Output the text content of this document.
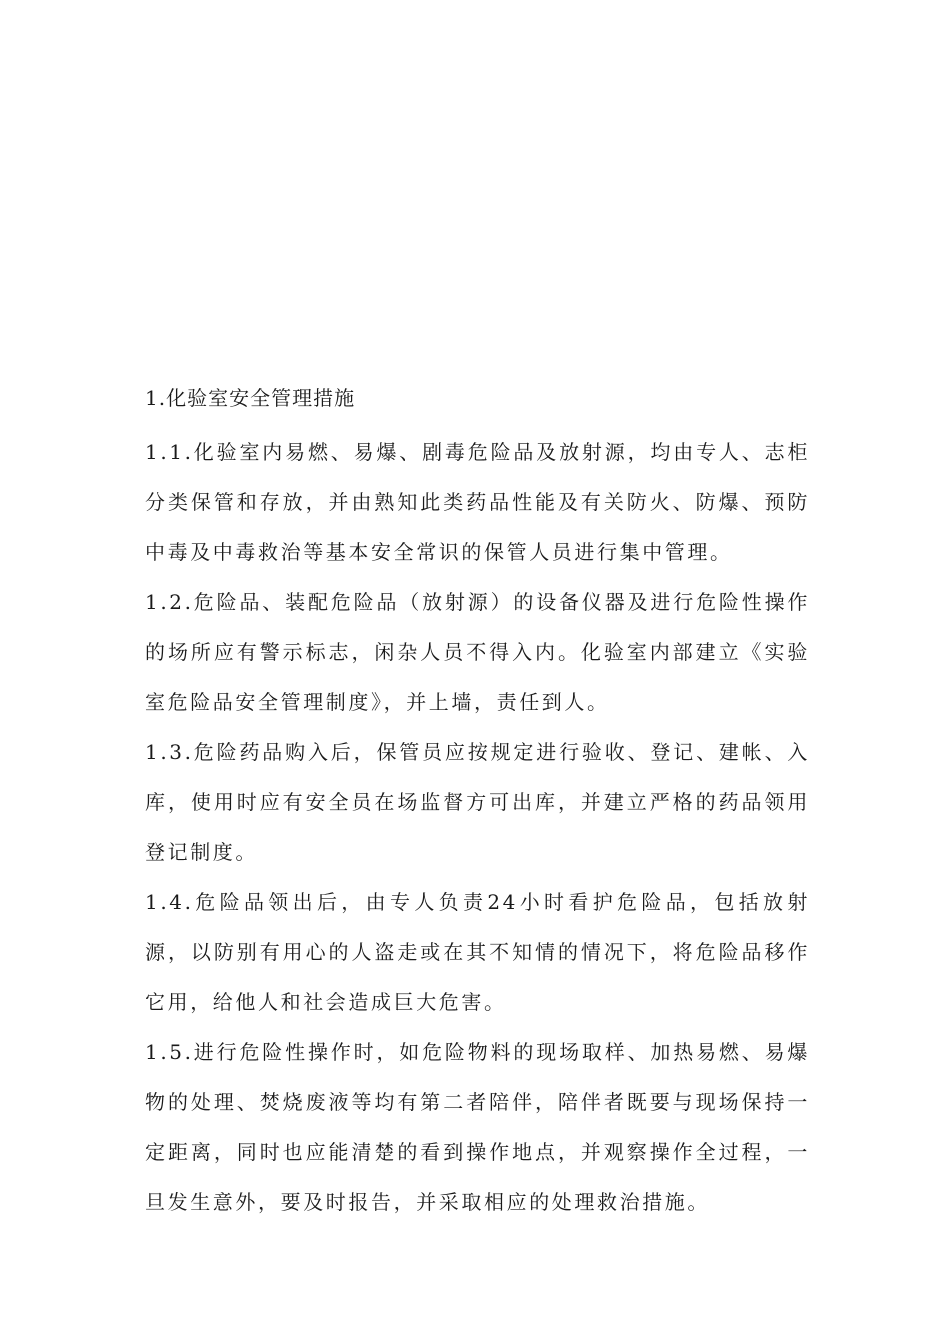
1.化验室安全管理措施

1.1.化验室内易燃、易爆、剧毒危险品及放射源，均由专人、志柜分类保管和存放，并由熟知此类药品性能及有关防火、防爆、预防中毒及中毒救治等基本安全常识的保管人员进行集中管理。

1.2.危险品、装配危险品（放射源）的设备仪器及进行危险性操作的场所应有警示标志，闲杂人员不得入内。化验室内部建立《实验室危险品安全管理制度》，并上墙，责任到人。

1.3.危险药品购入后，保管员应按规定进行验收、登记、建帐、入库，使用时应有安全员在场监督方可出库，并建立严格的药品领用登记制度。

1.4.危险品领出后，由专人负责24小时看护危险品，包括放射源，以防别有用心的人盗走或在其不知情的情况下，将危险品移作它用，给他人和社会造成巨大危害。

1.5.进行危险性操作时，如危险物料的现场取样、加热易燃、易爆物的处理、焚烧废液等均有第二者陪伴，陪伴者既要与现场保持一定距离，同时也应能清楚的看到操作地点，并观察操作全过程，一旦发生意外，要及时报告，并采取相应的处理救治措施。
